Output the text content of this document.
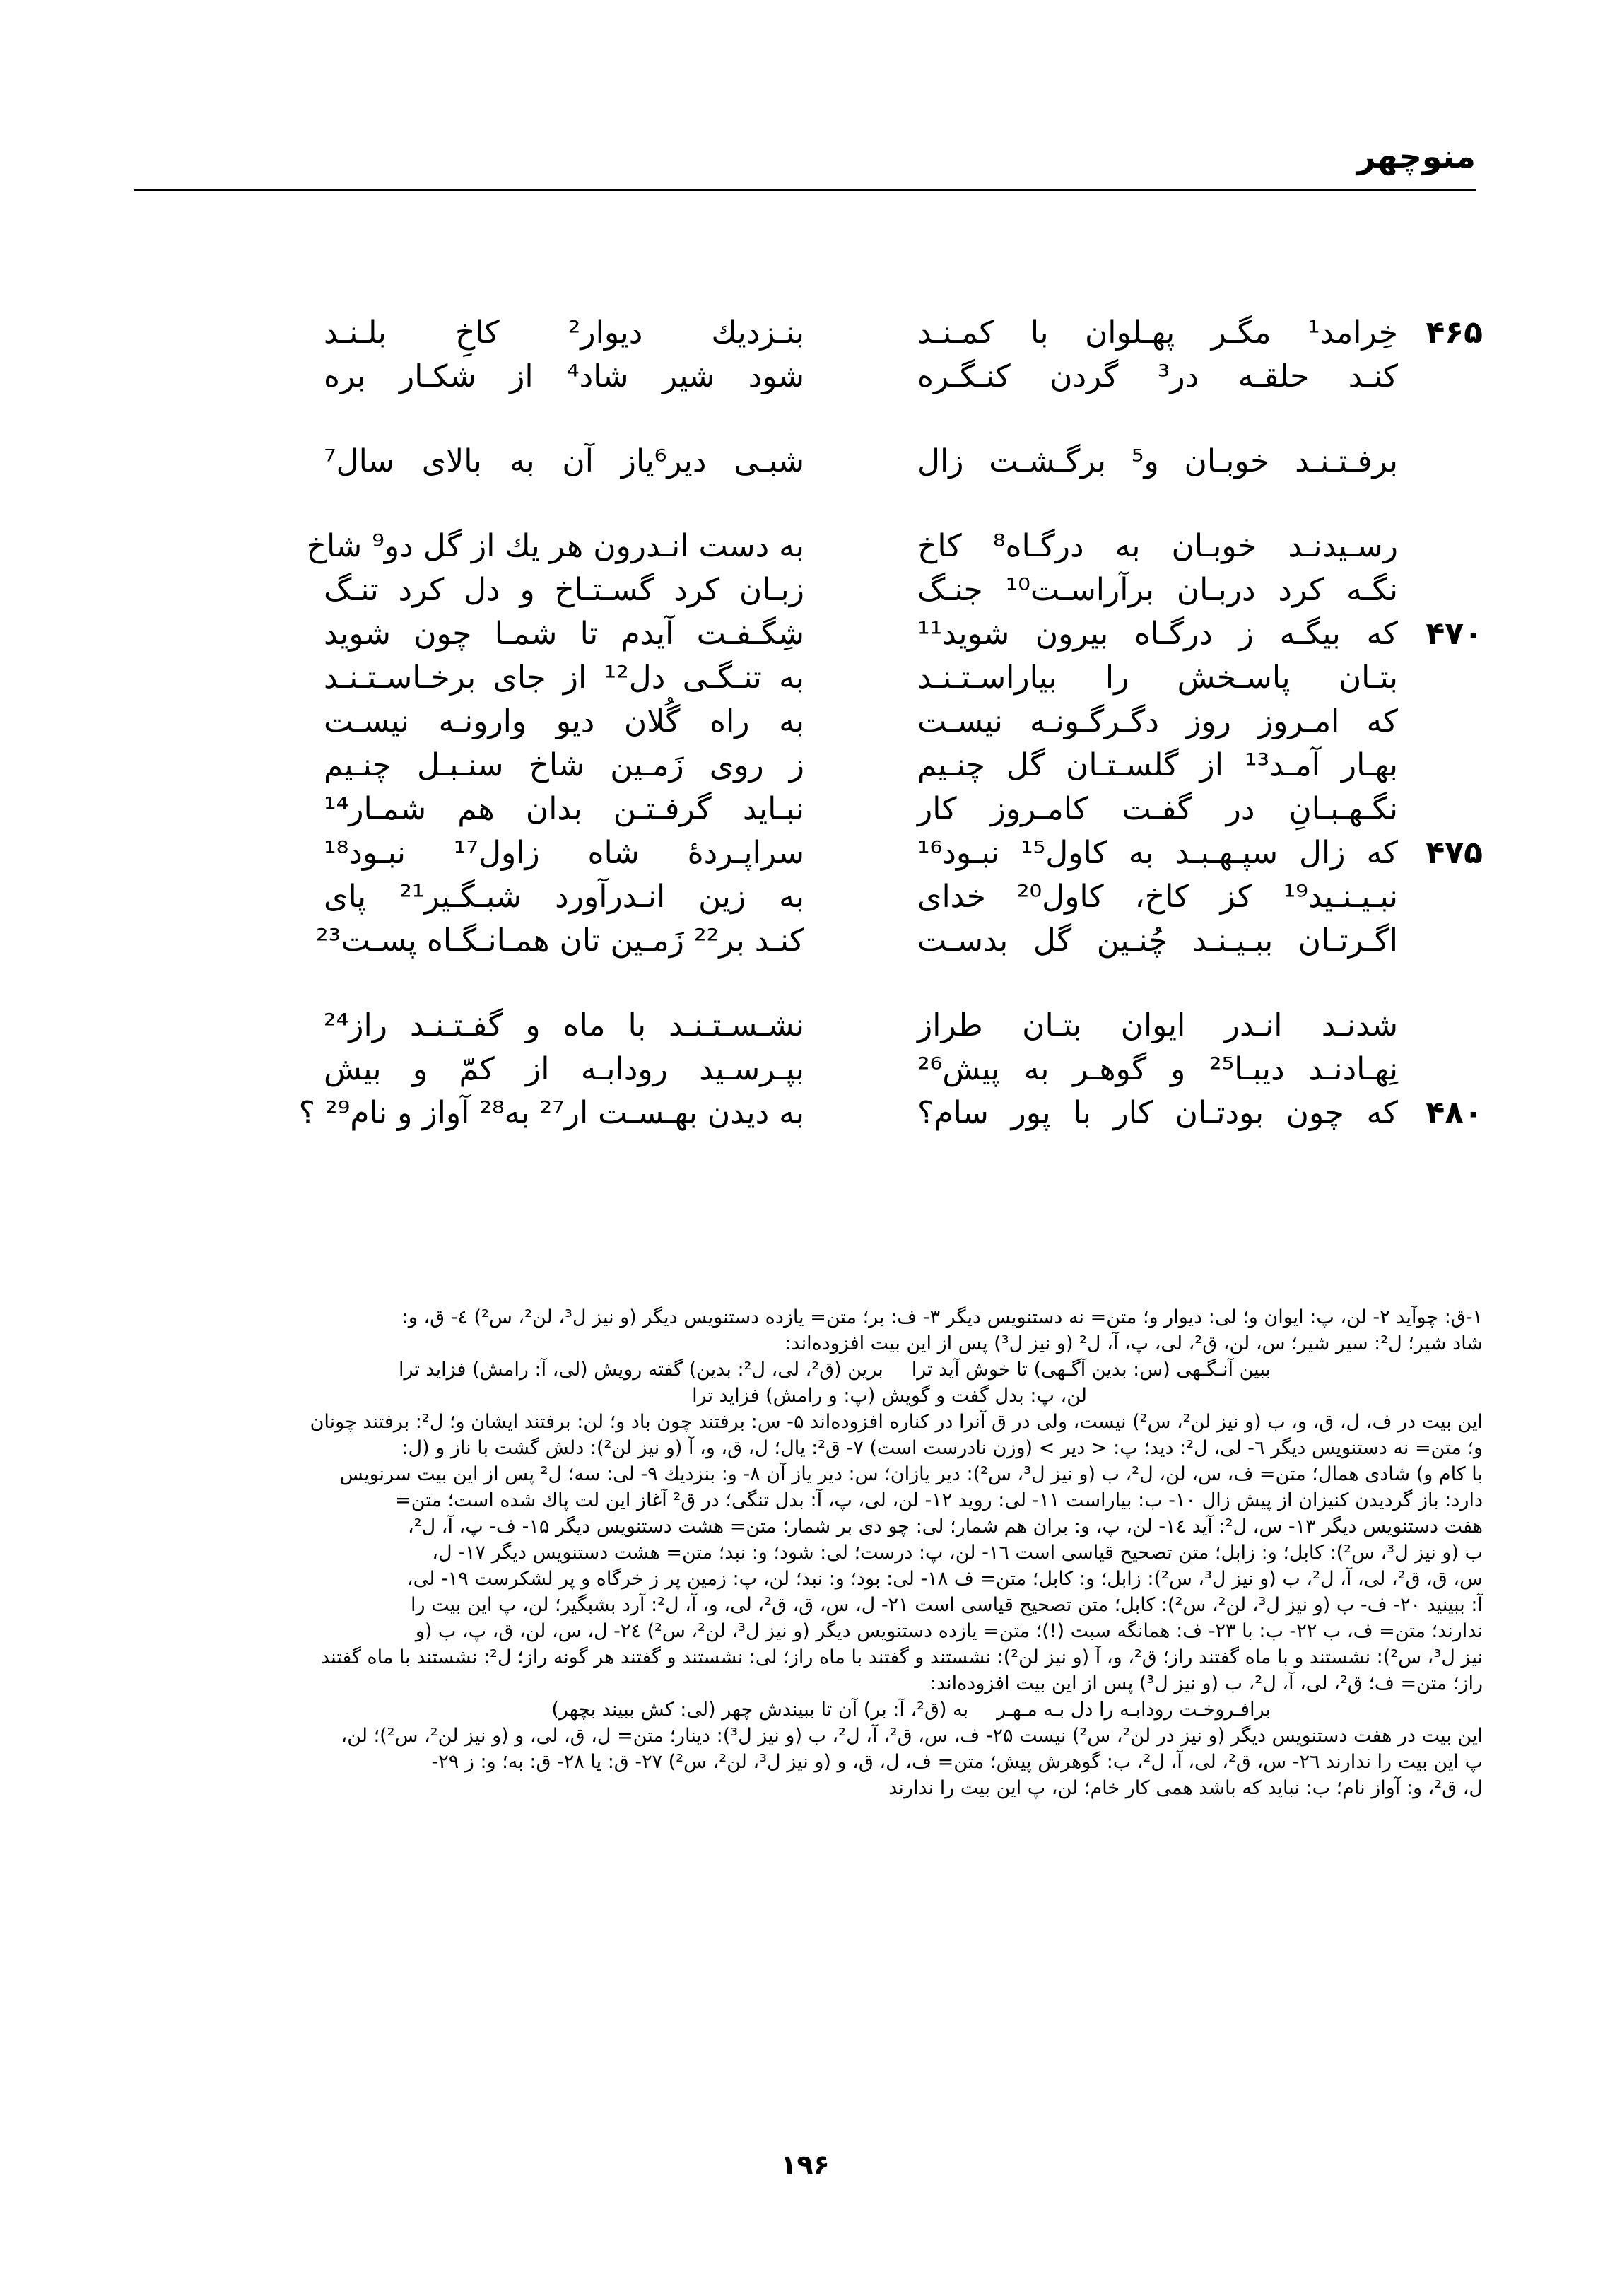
منوچهر
۴۶۵
خِرامد¹ مگـر پهـلوان با کمـنـد
بنـزديك ديوار² کاخِ بلـنـد
کنـد حلقـه در³ گردن کنـگـره
شود شير شاد⁴ از شکـار بره
برفـتـنـد خوبـان و⁵ برگـشـت زال
شبـی دير⁶ياز آن به بالای سال⁷
رسـيدنـد خوبـان به درگـاه⁸ کاخ
به دست انـدرون هر يك از گل دو⁹ شاخ
نگـه کرد دربـان برآراسـت¹⁰ جنـگ
زبـان کرد گسـتـاخ و دل کرد تنـگ
۴۷۰
که بيگـه ز درگـاه بيرون شويد¹¹
شِگـفـت آيدم تا شمـا چون شويد
بتـان پاسـخش را بياراسـتـنـد
به تنـگـی دل¹² از جای برخـاسـتـنـد
که امـروز روز دگـرگـونـه نيسـت
به راه گُلان ديو وارونـه نيسـت
بهـار آمـد¹³ از گلسـتـان گل چنـيم
ز روی زَمـين شاخ سنـبـل چنـيم
نگـهـبـانِ در گفـت کامـروز کار
نبـايد گرفـتـن بدان هم شمـار¹⁴
۴۷۵
که زال سپـهـبـد به کاول¹⁵ نبـود¹⁶
سراپـردهٔ شاه زاول¹⁷ نبـود¹⁸
نبـيـنـيد¹⁹ کز کاخ، کاول²⁰ خدای
به زين انـدرآورد شبـگـير²¹ پای
اگـرتـان ببـيـنـد چُنـين گل بدسـت
کنـد بر²² زَمـين تان همـانـگـاه پسـت²³
شدنـد انـدر ايوان بتـان طراز
نشـسـتـنـد با ماه و گفـتـنـد راز²⁴
نِهـادنـد ديبـا²⁵ و گوهـر به پيش²⁶
بپـرسـيد رودابـه از کمّ و بيش
۴۸۰
که چون بودتـان کار با پور سام؟
به ديدن بهـسـت ار²⁷ به²⁸ آواز و نام²⁹ ؟
۱-ق: چوآيد ۲- لن، پ: ايوان و؛ لی: ديوار و؛ متن= نه دستنويس ديگر ۳- ف: بر؛ متن= يازده دستنويس ديگر (و نيز ل³، لن²، س²) ٤- ق، و:
شاد شير؛ ل²: سير شير؛ س، لن، ق²، لی، پ، آ، ل² (و نيز ل³) پس از اين بيت افزوده‌اند:
ببين آنـگـهی (س: بدين آگـهی) تا خوش آيد ترا
برين (ق²، لی، ل²: بدين) گفته رويش (لی، آ: رامش) فزايد ترا
لن، پ: بدل گفت و گويش (پ: و رامش) فزايد ترا
اين بيت در ف، ل، ق، و، ب (و نيز لن²، س²) نيست، ولی در ق آنرا در کناره افزوده‌اند ۵- س: برفتند چون باد و؛ لن: برفتند ايشان و؛ ل²: برفتند چونان
و؛ متن= نه دستنويس ديگر ٦- لی، ل²: ديد؛ پ: < دير > (وزن نادرست است) ۷- ق²: يال؛ ل، ق، و، آ (و نيز لن²): دلش گشت با ناز و (ل:
با کام و) شادی همال؛ متن= ف، س، لن، ل²، ب (و نيز ل³، س²): دير يازان؛ س: دير ياز آن ۸- و: بنزديك ۹- لی: سه؛ ل² پس از اين بيت سرنويس
دارد: باز گرديدن کنيزان از پيش زال ۱۰- ب: بياراست ۱۱- لی: رويد ۱۲- لن، لی، پ، آ: بدل تنگی؛ در ق² آغاز اين لت پاك شده است؛ متن=
هفت دستنويس ديگر ۱۳- س، ل²: آيد ١٤- لن، پ، و: بران هم شمار؛ لی: چو دی بر شمار؛ متن= هشت دستنويس ديگر ۱۵- ف- پ، آ، ل²،
ب (و نيز ل³، س²): کابل؛ و: زابل؛ متن تصحيح قياسی است ١٦- لن، پ: درست؛ لی: شود؛ و: نبد؛ متن= هشت دستنويس ديگر ١٧- ل،
س، ق، ق²، لی، آ، ل²، ب (و نيز ل³، س²): زابل؛ و: کابل؛ متن= ف ۱۸- لی: بود؛ و: نبد؛ لن، پ: زمين پر ز خرگاه و پر لشکرست ١٩- لی،
آ: ببينيد ۲۰- ف- ب (و نيز ل³، لن²، س²): کابل؛ متن تصحيح قياسی است ۲۱- ل، س، ق، ق²، لی، و، آ، ل²: آرد بشبگير؛ لن، پ اين بيت را
ندارند؛ متن= ف، ب ۲۲- ب: با ۲۳- ف: همانگه سبت (!)؛ متن= يازده دستنويس ديگر (و نيز ل³، لن²، س²) ٢٤- ل، س، لن، ق، پ، ب (و
نيز ل³، س²): نشستند و با ماه گفتند راز؛ ق²، و، آ (و نيز لن²): نشستند و گفتند با ماه راز؛ لی: نشستند و گفتند هر گونه راز؛ ل²: نشستند با ماه گفتند
راز؛ متن= ف؛ ق²، لی، آ، ل²، ب (و نيز ل³) پس از اين بيت افزوده‌اند:
برافـروخـت رودابـه را دل بـه مـهـر
به (ق²، آ: بر) آن تا ببيندش چهر (لی: کش ببيند بچهر)
اين بيت در هفت دستنويس ديگر (و نيز در لن²، س²) نيست ۲۵- ف، س، ق²، آ، ل²، ب (و نيز ل³): دينار؛ متن= ل، ق، لی، و (و نيز لن²، س²)؛ لن،
پ اين بيت را ندارند ۲٦- س، ق²، لی، آ، ل²، ب: گوهرش پيش؛ متن= ف، ل، ق، و (و نيز ل³، لن²، س²) ۲۷- ق: يا ۲۸- ق: به؛ و: ز ۲۹-
ل، ق²، و: آواز نام؛ ب: نبايد که باشد همی کار خام؛ لن، پ اين بيت را ندارند
۱۹۶
